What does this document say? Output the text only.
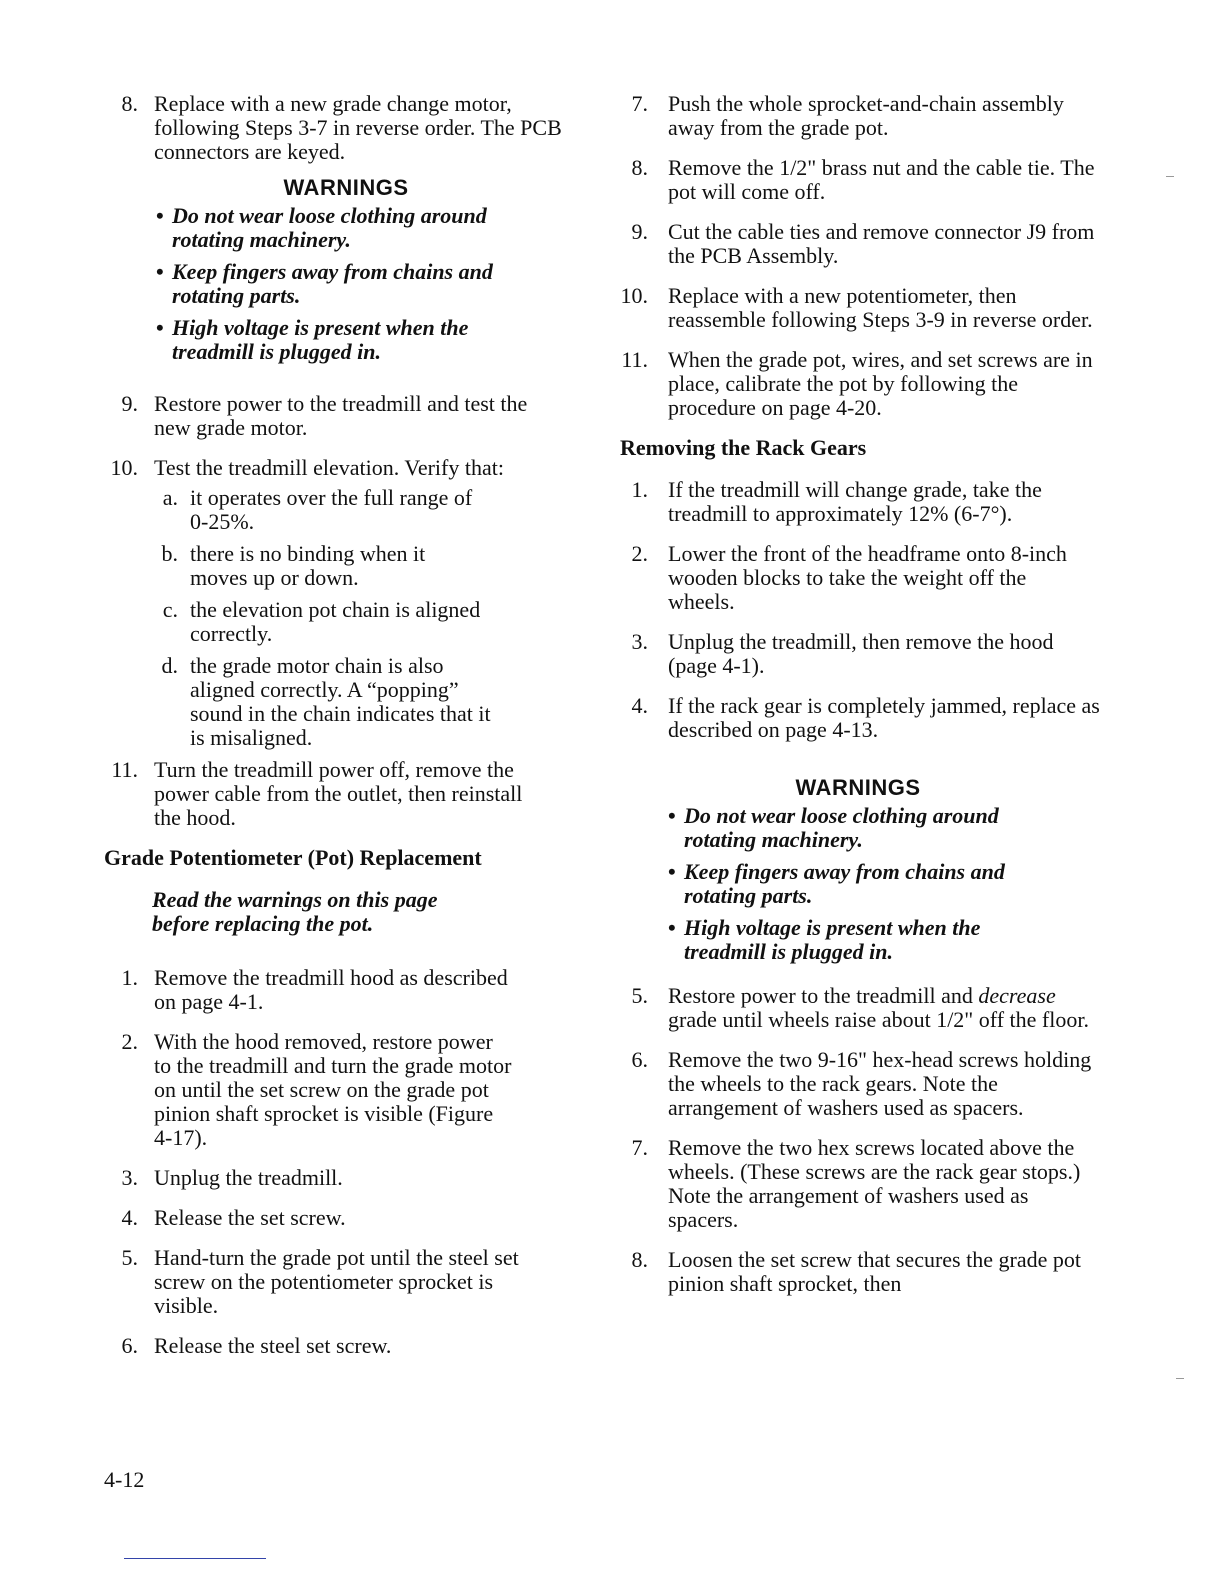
8. Replace with a new grade change motor, following Steps 3-7 in reverse order. The PCB connectors are keyed.
WARNINGS
• Do not wear loose clothing around rotating machinery.
• Keep fingers away from chains and rotating parts.
• High voltage is present when the treadmill is plugged in.
9. Restore power to the treadmill and test the new grade motor.
10. Test the treadmill elevation. Verify that:
a. it operates over the full range of 0-25%.
b. there is no binding when it moves up or down.
c. the elevation pot chain is aligned correctly.
d. the grade motor chain is also aligned correctly. A “popping” sound in the chain indicates that it is misaligned.
11. Turn the treadmill power off, remove the power cable from the outlet, then reinstall the hood.
Grade Potentiometer (Pot) Replacement
Read the warnings on this page before replacing the pot.
1. Remove the treadmill hood as described on page 4-1.
2. With the hood removed, restore power to the treadmill and turn the grade motor on until the set screw on the grade pot pinion shaft sprocket is visible (Figure 4-17).
3. Unplug the treadmill.
4. Release the set screw.
5. Hand-turn the grade pot until the steel set screw on the potentiometer sprocket is visible.
6. Release the steel set screw.
7. Push the whole sprocket-and-chain assembly away from the grade pot.
8. Remove the 1/2" brass nut and the cable tie. The pot will come off.
9. Cut the cable ties and remove connector J9 from the PCB Assembly.
10. Replace with a new potentiometer, then reassemble following Steps 3-9 in reverse order.
11. When the grade pot, wires, and set screws are in place, calibrate the pot by following the procedure on page 4-20.
Removing the Rack Gears
1. If the treadmill will change grade, take the treadmill to approximately 12% (6-7°).
2. Lower the front of the headframe onto 8-inch wooden blocks to take the weight off the wheels.
3. Unplug the treadmill, then remove the hood (page 4-1).
4. If the rack gear is completely jammed, replace as described on page 4-13.
WARNINGS
• Do not wear loose clothing around rotating machinery.
• Keep fingers away from chains and rotating parts.
• High voltage is present when the treadmill is plugged in.
5. Restore power to the treadmill and decrease grade until wheels raise about 1/2" off the floor.
6. Remove the two 9-16" hex-head screws holding the wheels to the rack gears. Note the arrangement of washers used as spacers.
7. Remove the two hex screws located above the wheels. (These screws are the rack gear stops.) Note the arrangement of washers used as spacers.
8. Loosen the set screw that secures the grade pot pinion shaft sprocket, then
4-12
